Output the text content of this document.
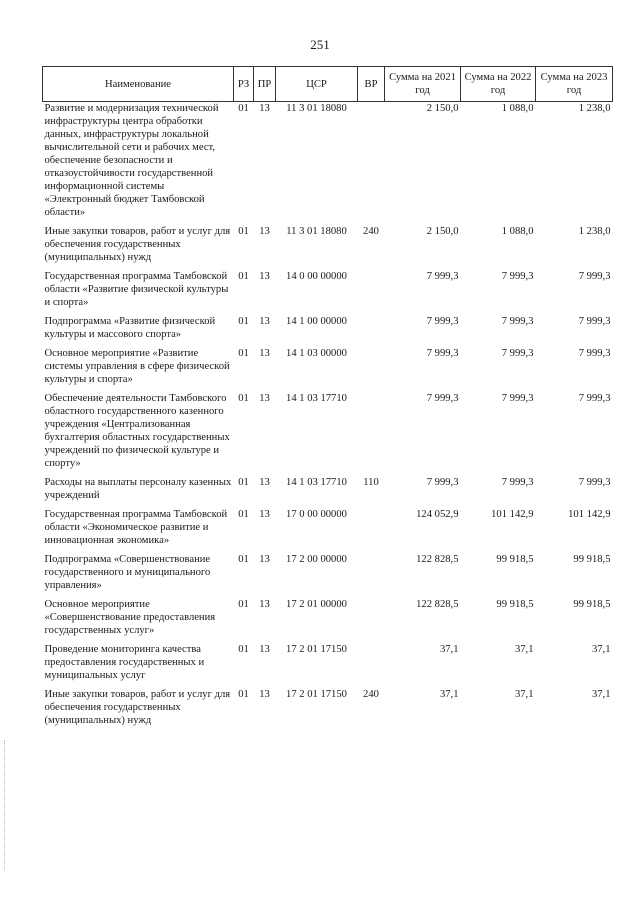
251
Наименование	РЗ	ПР	ЦСР	ВР	Сумма на 2021 год	Сумма на 2022 год	Сумма на 2023 год
Развитие и модернизация технической инфраструктуры центра обработки данных, инфраструктуры локальной вычислительной сети и рабочих мест, обеспечение безопасности и отказоустойчивости государственной информационной системы «Электронный бюджет Тамбовской области»	01	13	11 3 01 18080		2 150,0	1 088,0	1 238,0
Иные закупки товаров, работ и услуг для обеспечения государственных (муниципальных) нужд	01	13	11 3 01 18080	240	2 150,0	1 088,0	1 238,0
Государственная программа Тамбовской области «Развитие физической культуры и спорта»	01	13	14 0 00 00000		7 999,3	7 999,3	7 999,3
Подпрограмма «Развитие физической культуры и массового спорта»	01	13	14 1 00 00000		7 999,3	7 999,3	7 999,3
Основное мероприятие «Развитие системы управления в сфере физической культуры и спорта»	01	13	14 1 03 00000		7 999,3	7 999,3	7 999,3
Обеспечение деятельности Тамбовского областного государственного казенного учреждения «Централизованная бухгалтерия областных государственных учреждений по физической культуре и спорту»	01	13	14 1 03 17710		7 999,3	7 999,3	7 999,3
Расходы на выплаты персоналу казенных учреждений	01	13	14 1 03 17710	110	7 999,3	7 999,3	7 999,3
Государственная программа Тамбовской области «Экономическое развитие и инновационная экономика»	01	13	17 0 00 00000		124 052,9	101 142,9	101 142,9
Подпрограмма «Совершенствование государственного и муниципального управления»	01	13	17 2 00 00000		122 828,5	99 918,5	99 918,5
Основное мероприятие «Совершенствование предоставления государственных услуг»	01	13	17 2 01 00000		122 828,5	99 918,5	99 918,5
Проведение мониторинга качества предоставления государственных и муниципальных услуг	01	13	17 2 01 17150		37,1	37,1	37,1
Иные закупки товаров, работ и услуг для обеспечения государственных (муниципальных) нужд	01	13	17 2 01 17150	240	37,1	37,1	37,1
